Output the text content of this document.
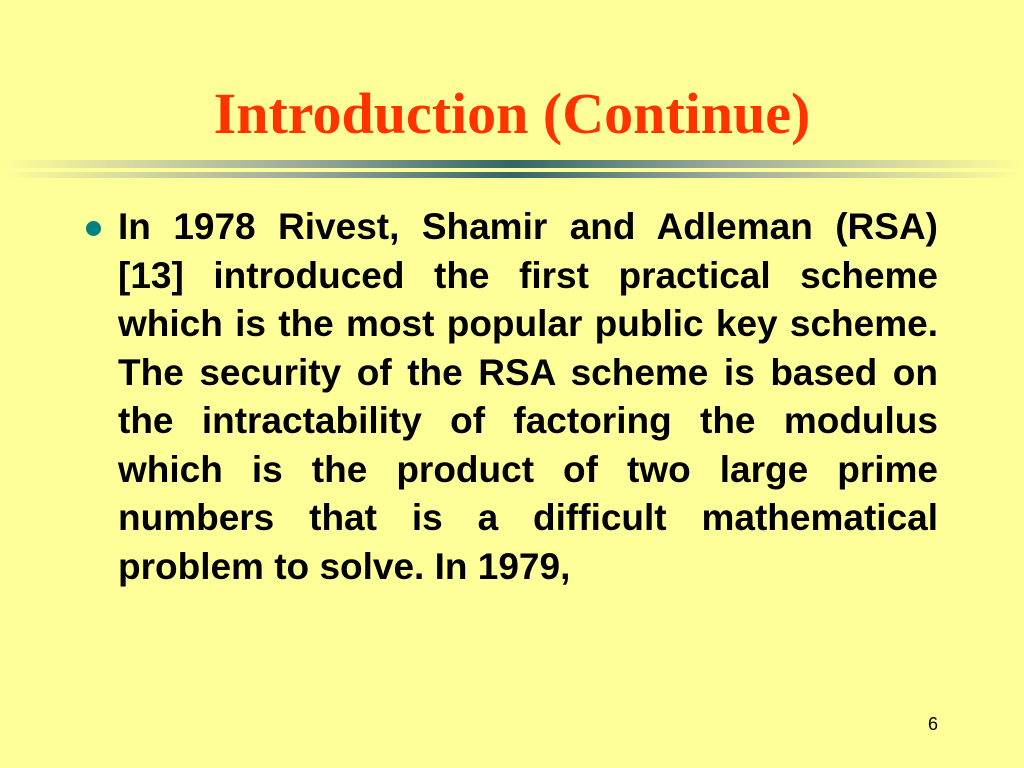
Introduction (Continue)
In 1978 Rivest, Shamir and Adleman (RSA) [13] introduced the first practical scheme which is the most popular public key scheme. The security of the RSA scheme is based on the intractability of factoring the modulus which is the product of two large prime numbers that is a difficult mathematical problem to solve. In 1979,
6
